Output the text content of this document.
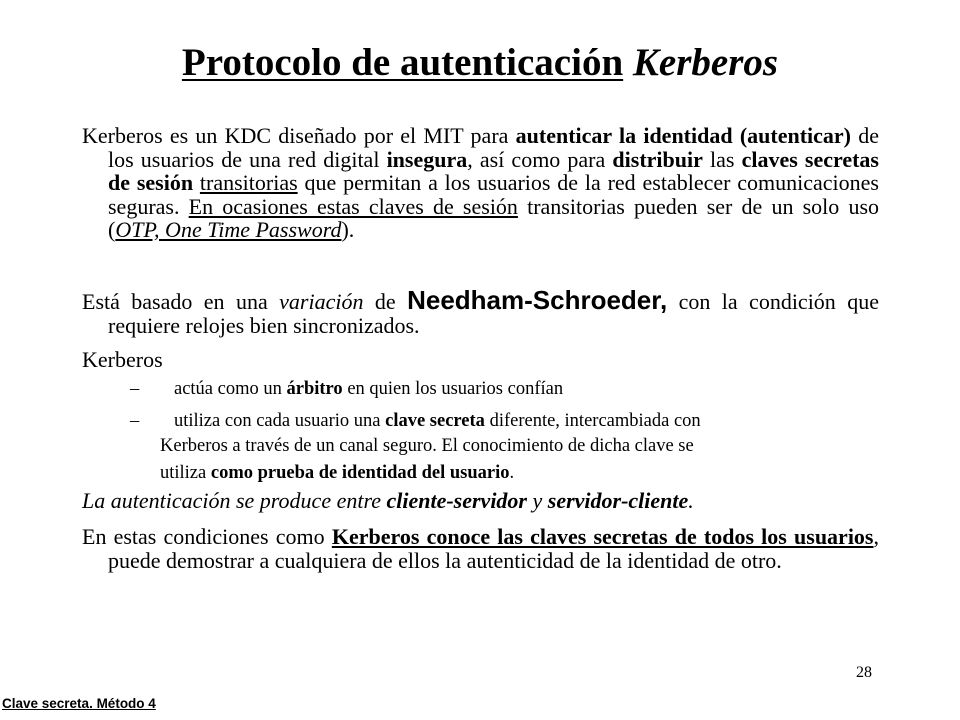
Protocolo de autenticación Kerberos
Kerberos es un KDC diseñado por el MIT para autenticar la identidad (autenticar) de los usuarios de una red digital insegura, así como para distribuir las claves secretas de sesión transitorias que permitan a los usuarios de la red establecer comunicaciones seguras. En ocasiones estas claves de sesión transitorias pueden ser de un solo uso (OTP, One Time Password).
Está basado en una variación de Needham-Schroeder, con la condición que requiere relojes bien sincronizados.
Kerberos
– actúa como un árbitro en quien los usuarios confían
– utiliza con cada usuario una clave secreta diferente, intercambiada con
Kerberos a través de un canal seguro. El conocimiento de dicha clave se
utiliza como prueba de identidad del usuario.
La autenticación se produce entre cliente-servidor y servidor-cliente.
En estas condiciones como Kerberos conoce las claves secretas de todos los usuarios, puede demostrar a cualquiera de ellos la autenticidad de la identidad de otro.
28
Clave secreta. Método 4
